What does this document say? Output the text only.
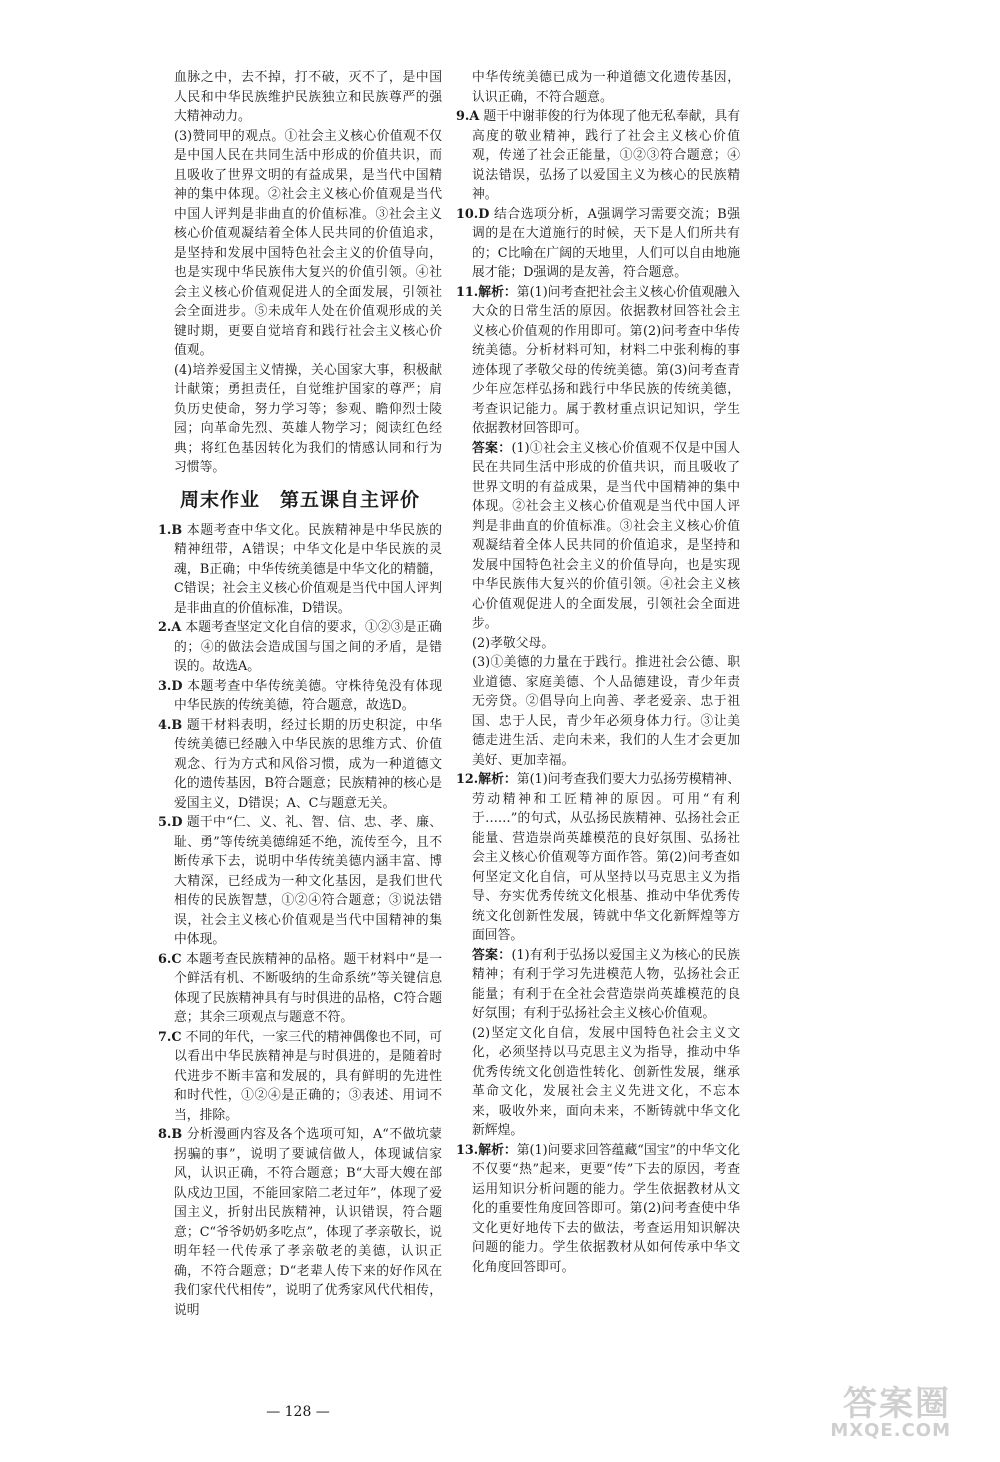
血脉之中，去不掉，打不破，灭不了，是中国人民和中华民族维护民族独立和民族尊严的强大精神动力。

(3)赞同甲的观点。①社会主义核心价值观不仅是中国人民在共同生活中形成的价值共识，而且吸收了世界文明的有益成果，是当代中国精神的集中体现。②社会主义核心价值观是当代中国人评判是非曲直的价值标准。③社会主义核心价值观凝结着全体人民共同的价值追求，是坚持和发展中国特色社会主义的价值导向，也是实现中华民族伟大复兴的价值引领。④社会主义核心价值观促进人的全面发展，引领社会全面进步。⑤未成年人处在价值观形成的关键时期，更要自觉培育和践行社会主义核心价值观。

(4)培养爱国主义情操，关心国家大事，积极献计献策；勇担责任，自觉维护国家的尊严；肩负历史使命，努力学习等；参观、瞻仰烈士陵园；向革命先烈、英雄人物学习；阅读红色经典；将红色基因转化为我们的情感认同和行为习惯等。

周末作业　第五课自主评价

1.B 本题考查中华文化。民族精神是中华民族的精神纽带，A错误；中华文化是中华民族的灵魂，B正确；中华传统美德是中华文化的精髓，C错误；社会主义核心价值观是当代中国人评判是非曲直的价值标准，D错误。

2.A 本题考查坚定文化自信的要求，①②③是正确的；④的做法会造成国与国之间的矛盾，是错误的。故选A。

3.D 本题考查中华传统美德。守株待兔没有体现中华民族的传统美德，符合题意，故选D。

4.B 题干材料表明，经过长期的历史积淀，中华传统美德已经融入中华民族的思维方式、价值观念、行为方式和风俗习惯，成为一种道德文化的遗传基因，B符合题意；民族精神的核心是爱国主义，D错误；A、C与题意无关。

5.D 题干中“仁、义、礼、智、信、忠、孝、廉、耻、勇”等传统美德绵延不绝，流传至今，且不断传承下去，说明中华传统美德内涵丰富、博大精深，已经成为一种文化基因，是我们世代相传的民族智慧，①②④符合题意；③说法错误，社会主义核心价值观是当代中国精神的集中体现。

6.C 本题考查民族精神的品格。题干材料中“是一个鲜活有机、不断吸纳的生命系统”等关键信息体现了民族精神具有与时俱进的品格，C符合题意；其余三项观点与题意不符。

7.C 不同的年代，一家三代的精神偶像也不同，可以看出中华民族精神是与时俱进的，是随着时代进步不断丰富和发展的，具有鲜明的先进性和时代性，①②④是正确的；③表述、用词不当，排除。

8.B 分析漫画内容及各个选项可知，A“不做坑蒙拐骗的事”，说明了要诚信做人，体现诚信家风，认识正确，不符合题意；B“大哥大嫂在部队戍边卫国，不能回家陪二老过年”，体现了爱国主义，折射出民族精神，认识错误，符合题意；C“爷爷奶奶多吃点”，体现了孝亲敬长，说明年轻一代传承了孝亲敬老的美德，认识正确，不符合题意；D“老辈人传下来的好作风在我们家代代相传”，说明了优秀家风代代相传，说明

中华传统美德已成为一种道德文化遗传基因，认识正确，不符合题意。

9.A 题干中谢菲俊的行为体现了他无私奉献，具有高度的敬业精神，践行了社会主义核心价值观，传递了社会正能量，①②③符合题意；④说法错误，弘扬了以爱国主义为核心的民族精神。

10.D 结合选项分析，A强调学习需要交流；B强调的是在大道施行的时候，天下是人们所共有的；C比喻在广阔的天地里，人们可以自由地施展才能；D强调的是友善，符合题意。

11.解析：第(1)问考查把社会主义核心价值观融入大众的日常生活的原因。依据教材回答社会主义核心价值观的作用即可。第(2)问考查中华传统美德。分析材料可知，材料二中张利梅的事迹体现了孝敬父母的传统美德。第(3)问考查青少年应怎样弘扬和践行中华民族的传统美德，考查识记能力。属于教材重点识记知识，学生依据教材回答即可。

答案：(1)①社会主义核心价值观不仅是中国人民在共同生活中形成的价值共识，而且吸收了世界文明的有益成果，是当代中国精神的集中体现。②社会主义核心价值观是当代中国人评判是非曲直的价值标准。③社会主义核心价值观凝结着全体人民共同的价值追求，是坚持和发展中国特色社会主义的价值导向，也是实现中华民族伟大复兴的价值引领。④社会主义核心价值观促进人的全面发展，引领社会全面进步。

(2)孝敬父母。

(3)①美德的力量在于践行。推进社会公德、职业道德、家庭美德、个人品德建设，青少年责无旁贷。②倡导向上向善、孝老爱亲、忠于祖国、忠于人民，青少年必须身体力行。③让美德走进生活、走向未来，我们的人生才会更加美好、更加幸福。

12.解析：第(1)问考查我们要大力弘扬劳模精神、劳动精神和工匠精神的原因。可用“有利于……”的句式，从弘扬民族精神、弘扬社会正能量、营造崇尚英雄模范的良好氛围、弘扬社会主义核心价值观等方面作答。第(2)问考查如何坚定文化自信，可从坚持以马克思主义为指导、夯实优秀传统文化根基、推动中华优秀传统文化创新性发展，铸就中华文化新辉煌等方面回答。

答案：(1)有利于弘扬以爱国主义为核心的民族精神；有利于学习先进模范人物，弘扬社会正能量；有利于在全社会营造崇尚英雄模范的良好氛围；有利于弘扬社会主义核心价值观。

(2)坚定文化自信，发展中国特色社会主义文化，必须坚持以马克思主义为指导，推动中华优秀传统文化创造性转化、创新性发展，继承革命文化，发展社会主义先进文化，不忘本来，吸收外来，面向未来，不断铸就中华文化新辉煌。

13.解析：第(1)问要求回答蕴藏“国宝”的中华文化不仅要“热”起来，更要“传”下去的原因，考查运用知识分析问题的能力。学生依据教材从文化的重要性角度回答即可。第(2)问考查使中华文化更好地传下去的做法，考查运用知识解决问题的能力。学生依据教材从如何传承中华文化角度回答即可。

— 128 —	答案圈
MXQE.COM
